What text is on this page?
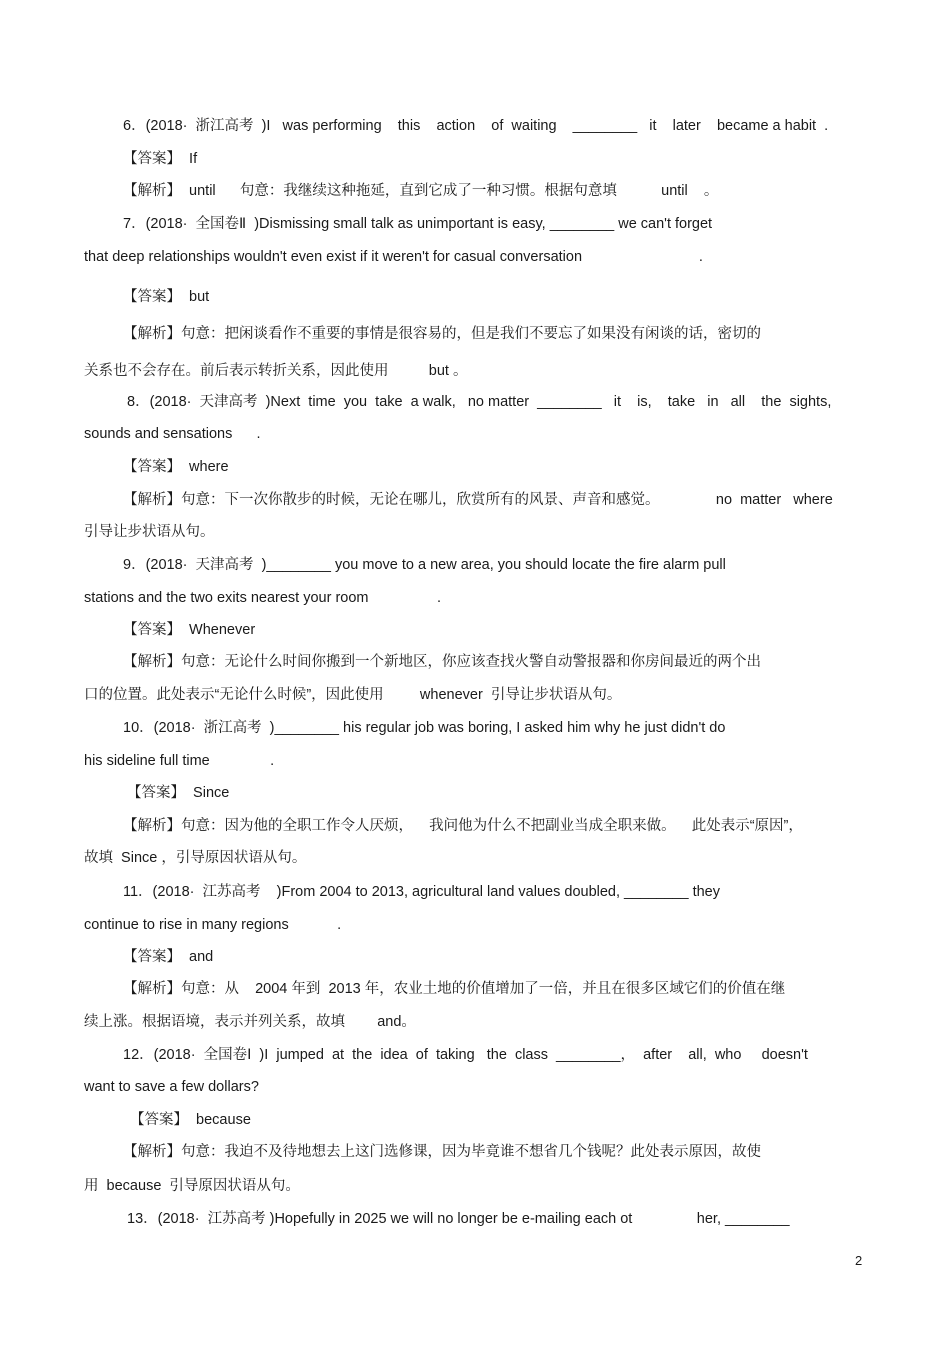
6．(2018·  浙江高考  )I   was performing    this    action    of  waiting    ________   it    later    became a habit  .
【答案】  If
【解析】  until      句意：我继续这种拖延，直到它成了一种习惯。根据句意填           until    。
7．(2018·  全国卷Ⅱ  )Dismissing small talk as unimportant is easy, ________ we can't forget
that deep relationships wouldn't even exist if it weren't for casual conversation                             .
【答案】  but
【解析】句意：把闲谈看作不重要的事情是很容易的，但是我们不要忘了如果没有闲谈的话，密切的
关系也不会存在。前后表示转折关系，因此使用          but 。
8．(2018·  天津高考  )Next  time  you  take  a walk,   no matter  ________   it    is,    take   in   all    the  sights,
sounds and sensations      .
【答案】  where
【解析】句意：下一次你散步的时候，无论在哪儿，欣赏所有的风景、声音和感觉。              no  matter   where
引导让步状语从句。
9．(2018·  天津高考  )________ you move to a new area, you should locate the fire alarm pull
stations and the two exits nearest your room                 .
【答案】  Whenever
【解析】句意：无论什么时间你搬到一个新地区，你应该查找火警自动警报器和你房间最近的两个出
口的位置。此处表示“无论什么时候”，因此使用         whenever  引导让步状语从句。
10．(2018·  浙江高考  )________ his regular job was boring, I asked him why he just didn't do
his sideline full time               .
【答案】  Since
【解析】句意：因为他的全职工作令人厌烦，    我问他为什么不把副业当成全职来做。    此处表示“原因”，
故填  Since ，引导原因状语从句。
11．(2018·  江苏高考    )From 2004 to 2013, agricultural land values doubled, ________ they
continue to rise in many regions            .
【答案】  and
【解析】句意：从    2004 年到  2013 年，农业土地的价值增加了一倍，并且在很多区域它们的价值在继
续上涨。根据语境，表示并列关系，故填        and。
12．(2018·  全国卷Ⅰ  )I  jumped  at  the  idea  of  taking   the  class  ________，  after    all,  who     doesn't
want to save a few dollars?
【答案】  because
【解析】句意：我迫不及待地想去上这门选修课，因为毕竟谁不想省几个钱呢？此处表示原因，故使
用  because  引导原因状语从句。
13．(2018·  江苏高考 )Hopefully in 2025 we will no longer be e-mailing each ot                her, ________
2
